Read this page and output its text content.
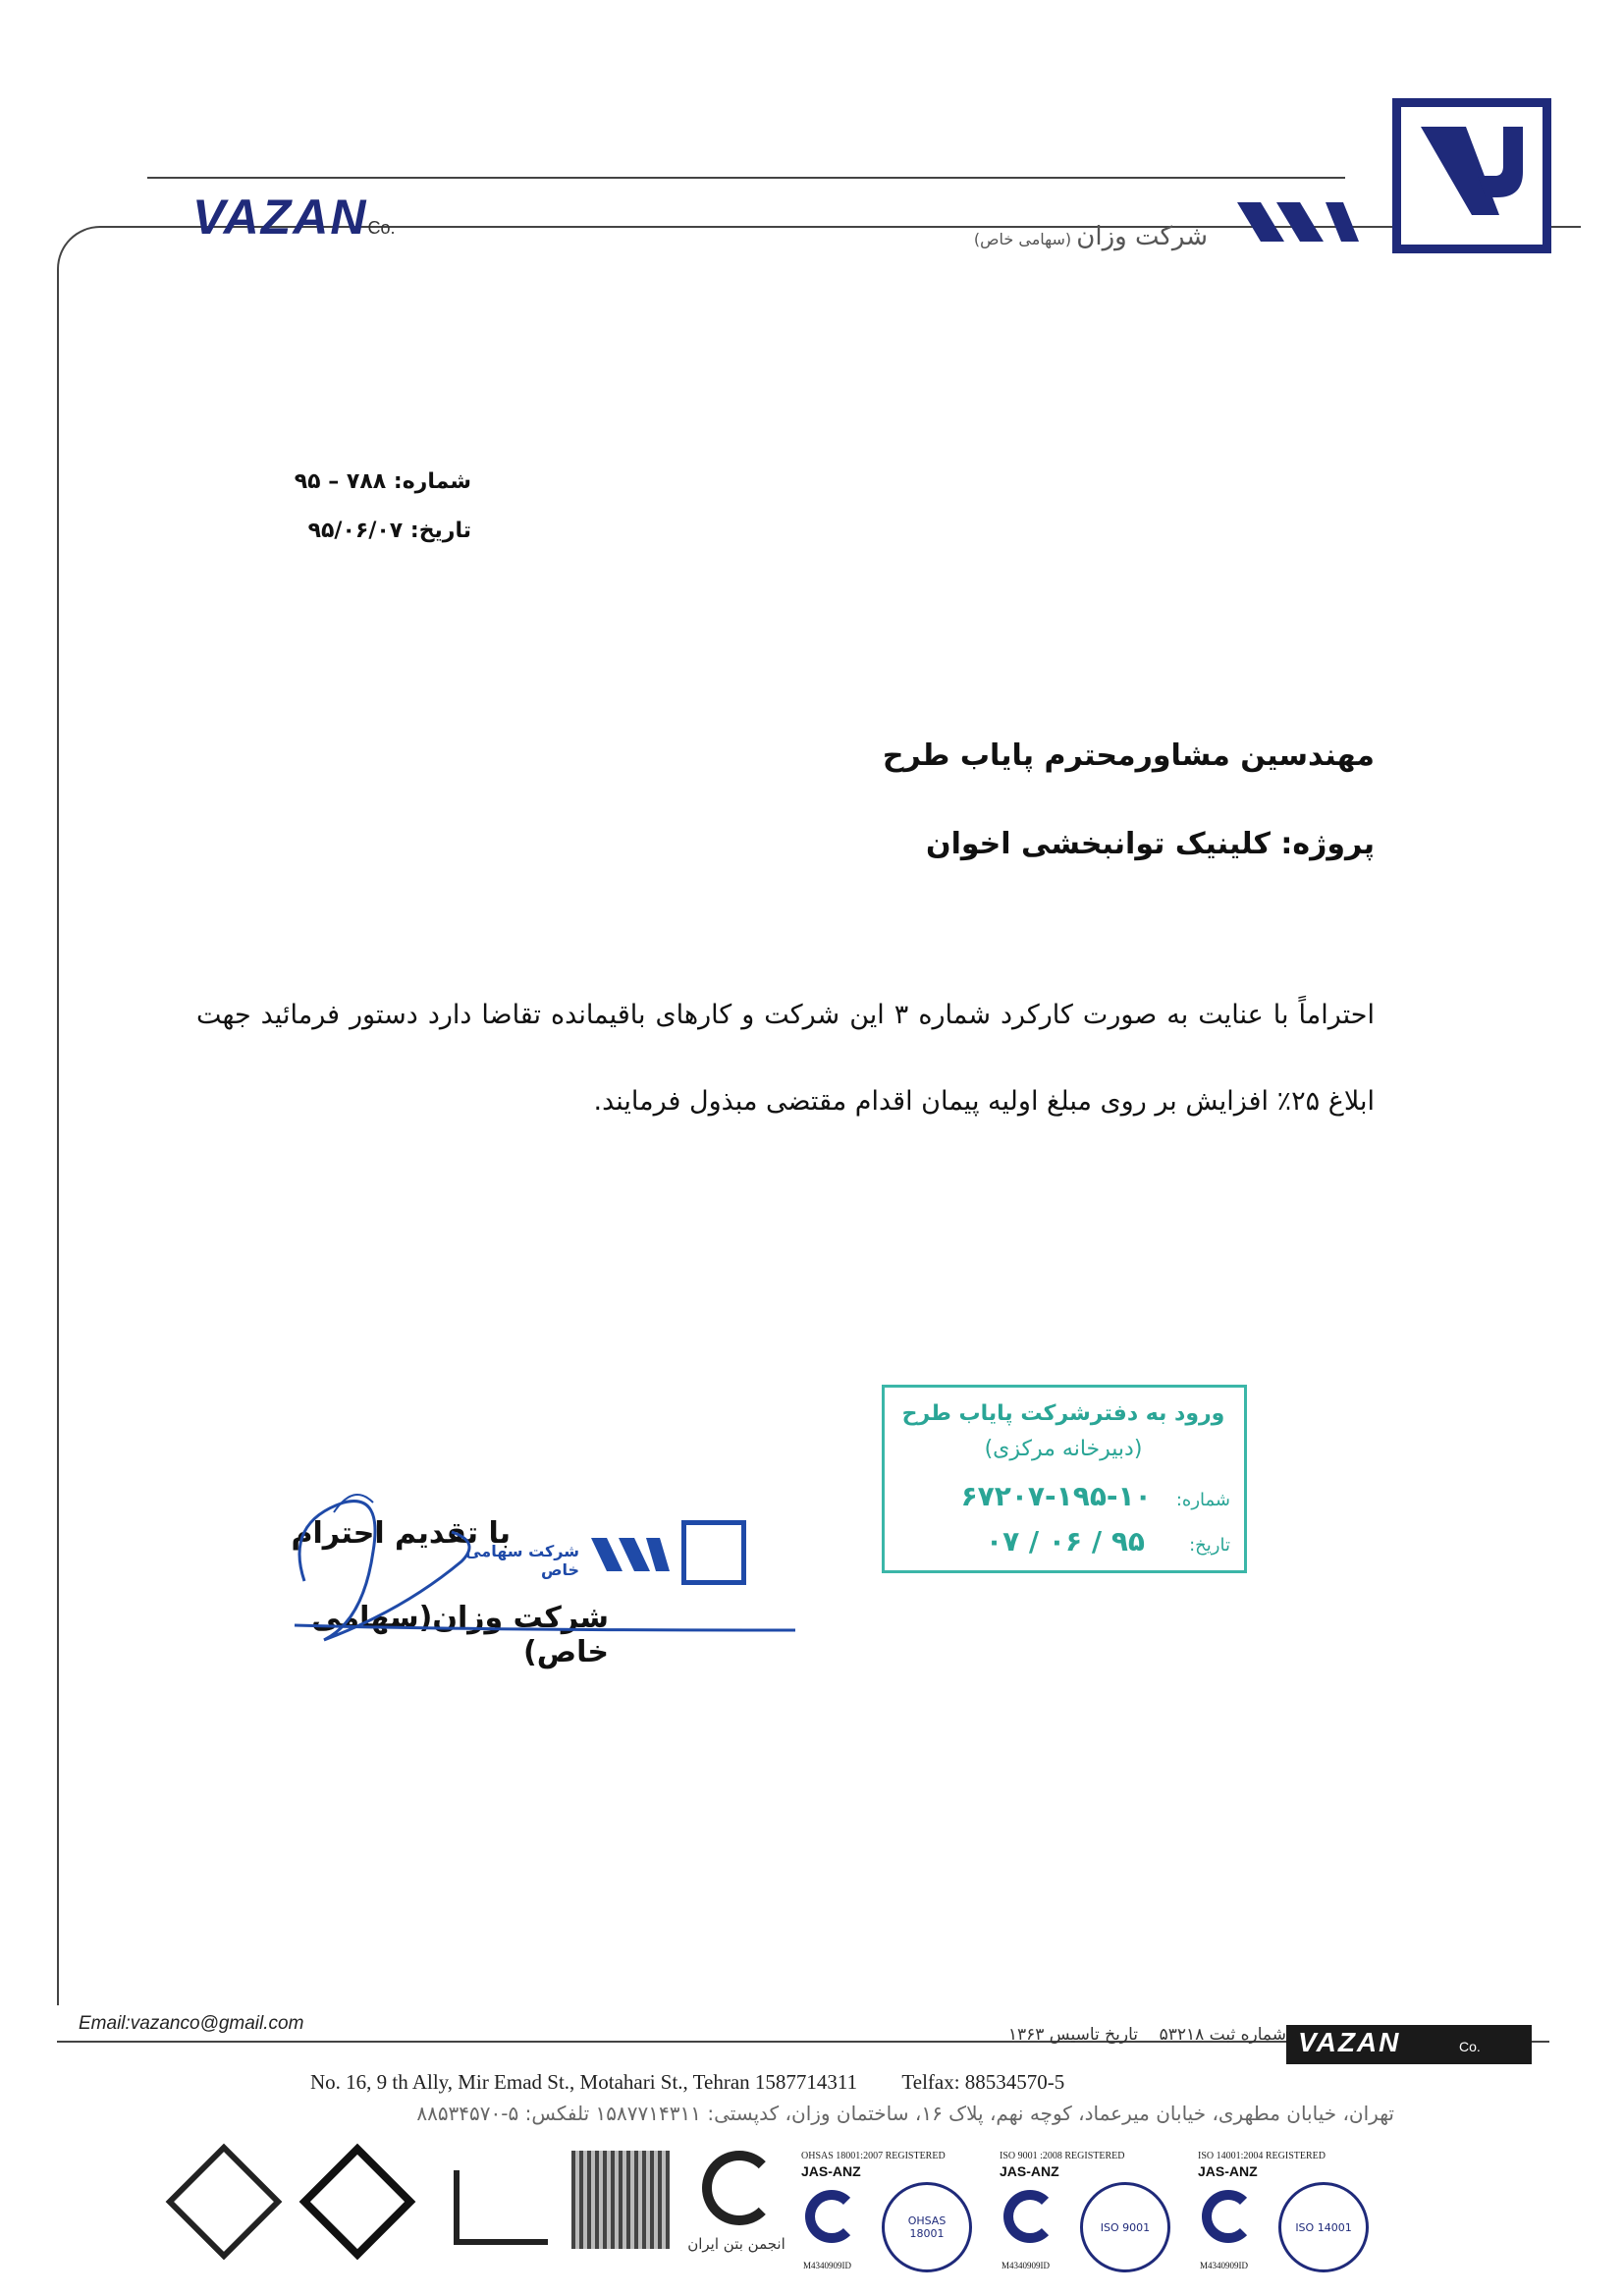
VAZANCo.	شرکت وزان (سهامی خاص)
شماره: ۷۸۸ – ۹۵
تاریخ: ۹۵/۰۶/۰۷
مهندسین مشاورمحترم پایاب طرح
پروژه: کلینیک توانبخشی اخوان
احتراماً با عنایت به صورت کارکرد شماره ۳ این شرکت و کارهای باقیمانده تقاضا دارد دستور فرمائید جهت ابلاغ ۲۵٪ افزایش بر روی مبلغ اولیه پیمان اقدام مقتضی مبذول فرمایند.
ورود به دفترشرکت پایاب طرح
(دبیرخانه مرکزی)
شماره: ۱۰-۱۹۵-۶۷۲۰۷
تاریخ: ۹۵ / ۰۶ / ۰۷
شرکت سهامی خاص
با تقدیم احترام
شرکت وزان(سهامی خاص)
Email:vazanco@gmail.com
شماره ثبت ۵۳۲۱۸    تاریخ تاسیس ۱۳۶۳	VAZAN	Co.
No. 16, 9 th Ally, Mir Emad St., Motahari St., Tehran 1587714311 Telfax: 88534570-5
تهران، خیابان مطهری، خیابان میرعماد، کوچه نهم، پلاک ۱۶، ساختمان وزان، کدپستی: ۱۵۸۷۷۱۴۳۱۱ تلفکس: ۵-۸۸۵۳۴۵۷۰
انجمن بتن ایران
OHSAS 18001:2007 REGISTERED
JAS-ANZ
OHSAS 18001
M4340909ID
ISO 9001 :2008 REGISTERED
JAS-ANZ
ISO 9001
M4340909ID
ISO 14001:2004 REGISTERED
JAS-ANZ
ISO 14001
M4340909ID
